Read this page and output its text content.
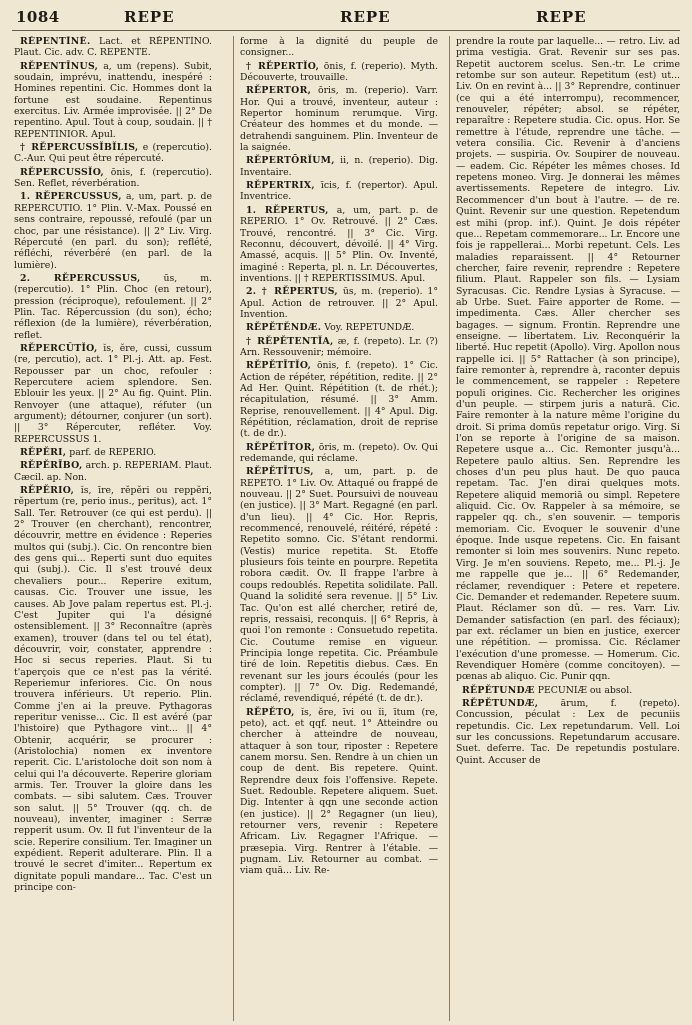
1084	REPE	REPE	REPE

RĔPENTĪNĒ. Lact. et RĔPENTĪNO. Plaut. Cic. adv. C. REPENTE.

RĔPENTĪNUS, a, um (repens). Subit, soudain, imprévu, inattendu, inespéré : Homines repentini. Cic. Hommes dont la fortune est soudaine. Repentinus exercitus. Liv. Armée improvisée. || 2° De repentino. Apul. Tout à coup, soudain. || † REPENTINIOR. Apul.

† RĔPERCUSSĬBĬLIS, e (repercutio). C.-Aur. Qui peut être répercuté.

RĔPERCUSSĬO, ōnis, f. (repercutio). Sen. Reflet, réverbération.

1. RĔPERCUSSUS, a, um, part. p. de REPERCUTIO. 1° Plin. V.-Max. Poussé en sens contraire, repoussé, refoulé (par un choc, par une résistance). || 2° Liv. Virg. Répercuté (en parl. du son); reflété, réfléchi, réverbéré (en parl. de la lumière).

2. RĔPERCUSSUS, ūs, m. (repercutio). 1° Plin. Choc (en retour), pression (réciproque), refoulement. || 2° Plin. Tac. Répercussion (du son), écho; réflexion (de la lumière), réverbération, reflet.

RĔPERCŬTĬO, ĭs, ĕre, cussi, cussum (re, percutio), act. 1° Pl.-j. Att. ap. Fest. Repousser par un choc, refouler : Repercutere aciem splendore. Sen. Eblouir les yeux. || 2° Au fig. Quint. Plin. Renvoyer (une attaque), réfuter (un argument); détourner, conjurer (un sort). || 3° Répercuter, refléter. Voy. REPERCUSSUS 1.

RĔPĔRI, parf. de REPERIO.

RĔPĔRĪBO, arch. p. REPERIAM. Plaut. Cæcil. ap. Non.

RĔPĔRIO, ĭs, īre, rĕpĕri ou reppĕri, rĕpertum (re, perio inus., peritus), act. 1° Sall. Ter. Retrouver (ce qui est perdu). || 2° Trouver (en cherchant), rencontrer, découvrir, mettre en évidence : Reperies multos qui (subj.). Cic. On rencontre bien des gens qui... Reperti sunt duo equites qui (subj.). Cic. Il s'est trouvé deux chevaliers pour... Reperire exitum, causas. Cic. Trouver une issue, les causes. Ab Jove palam repertus est. Pl.-j. C'est Jupiter qui l'a désigné ostensiblement. || 3° Reconnaître (après examen), trouver (dans tel ou tel état), découvrir, voir, constater, apprendre : Hoc si secus reperies. Plaut. Si tu t'aperçois que ce n'est pas la vérité. Reperiemur inferiores. Cic. On nous trouvera inférieurs. Ut reperio. Plin. Comme j'en ai la preuve. Pythagoras reperitur venisse... Cic. Il est avéré (par l'histoire) que Pythagore vint... || 4° Obtenir, acquérir, se procurer : (Aristolochia) nomen ex inventore reperit. Cic. L'aristoloche doit son nom à celui qui l'a découverte. Reperire gloriam armis. Ter. Trouver la gloire dans les combats. — sibi salutem. Cæs. Trouver son salut. || 5° Trouver (qq. ch. de nouveau), inventer, imaginer : Serræ repperit usum. Ov. Il fut l'inventeur de la scie. Reperire consilium. Ter. Imaginer un expédient. Reperit adulterare. Plin. Il a trouvé le secret d'imiter... Repertum ex dignitate populi mandare... Tac. C'est un principe con-

forme à la dignité du peuple de consigner...

† RĔPERTĬO, ōnis, f. (reperio). Myth. Découverte, trouvaille.

RĔPERTOR, ōris, m. (reperio). Varr. Hor. Qui a trouvé, inventeur, auteur : Repertor hominum rerumque. Virg. Créateur des hommes et du monde. — detrahendi sanguinem. Plin. Inventeur de la saignée.

RĔPERTŌRĬUM, ii, n. (reperio). Dig. Inventaire.

RĔPERTRIX, īcis, f. (repertor). Apul. Inventrice.

1. RĔPERTUS, a, um, part. p. de REPERIO. 1° Ov. Retrouvé. || 2° Cæs. Trouvé, rencontré. || 3° Cic. Virg. Reconnu, découvert, dévoilé. || 4° Virg. Amassé, acquis. || 5° Plin. Ov. Inventé, imaginé : Reperta, pl. n. Lr. Découvertes, inventions. || † REPERTISSIMUS. Apul.

2. † RĔPERTUS, ūs, m. (reperio). 1° Apul. Action de retrouver. || 2° Apul. Invention.

RĔPĔTĔNDÆ. Voy. REPETUNDÆ.

† RĔPĔTENTĬA, æ, f. (repeto). Lr. (?) Arn. Ressouvenir; mémoire.

RĔPĔTĪTĬO, ōnis, f. (repeto). 1° Cic. Action de répéter, répétition, redite. || 2° Ad Her. Quint. Répétition (t. de rhét.); récapitulation, résumé. || 3° Amm. Reprise, renouvellement. || 4° Apul. Dig. Répétition, réclamation, droit de reprise (t. de dr.).

RĔPĔTĪTOR, ōris, m. (repeto). Ov. Qui redemande, qui réclame.

RĔPĔTĪTUS, a, um, part. p. de REPETO. 1° Liv. Ov. Attaqué ou frappé de nouveau. || 2° Suet. Poursuivi de nouveau (en justice). || 3° Mart. Regagné (en parl. d'un lieu). || 4° Cic. Hor. Repris, recommencé, renouvelé, réitéré, répété : Repetito somno. Cic. S'étant rendormi. (Vestis) murice repetita. St. Etoffe plusieurs fois teinte en pourpre. Repetita robora cædit. Ov. Il frappe l'arbre à coups redoublés. Repetita solidilate. Pall. Quand la solidité sera revenue. || 5° Liv. Tac. Qu'on est allé chercher, retiré de, repris, ressaisi, reconquis. || 6° Repris, à quoi l'on remonte : Consuetudo repetita. Cic. Coutume remise en vigueur. Principia longe repetita. Cic. Préambule tiré de loin. Repetitis diebus. Cæs. En revenant sur les jours écoulés (pour les compter). || 7° Ov. Dig. Redemandé, réclamé, revendiqué, répété (t. de dr.).

RĔPĔTO, ĭs, ĕre, īvi ou ĭi, ītum (re, peto), act. et qqf. neut. 1° Atteindre ou chercher à atteindre de nouveau, attaquer à son tour, riposter : Repetere canem morsu. Sen. Rendre à un chien un coup de dent. Bis repetere. Quint. Reprendre deux fois l'offensive. Repete. Suet. Redouble. Repetere aliquem. Suet. Dig. Intenter à qqn une seconde action (en justice). || 2° Regagner (un lieu), retourner vers, revenir : Repetere Africam. Liv. Regagner l'Afrique. — præsepia. Virg. Rentrer à l'étable. — pugnam. Liv. Retourner au combat. — viam quā... Liv. Re-

prendre la route par laquelle... — retro. Liv. ad prima vestigia. Grat. Revenir sur ses pas. Repetit auctorem scelus. Sen.-tr. Le crime retombe sur son auteur. Repetitum (est) ut... Liv. On en revint à... || 3° Reprendre, continuer (ce qui a été interrompu), recommencer, renouveler, répéter; absol. se répéter, reparaître : Repetere studia. Cic. opus. Hor. Se remettre à l'étude, reprendre une tâche. — vetera consilia. Cic. Revenir à d'anciens projets. — suspiria. Ov. Soupirer de nouveau. — eadem. Cic. Répéter les mêmes choses. Id repetens moneo. Virg. Je donnerai les mêmes avertissements. Repetere de integro. Liv. Recommencer d'un bout à l'autre. — de re. Quint. Revenir sur une question. Repetendum est mihi (prop. inf.). Quint. Je dois répéter que... Repetam commemorare... Lr. Encore une fois je rappellerai... Morbi repetunt. Cels. Les maladies reparaissent. || 4° Retourner chercher, faire revenir, reprendre : Repetere filium. Plaut. Rappeler son fils. — Lysiam Syracusas. Cic. Rendre Lysias à Syracuse. — ab Urbe. Suet. Faire apporter de Rome. — impedimenta. Cæs. Aller chercher ses bagages. — signum. Frontin. Reprendre une enseigne. — libertatem. Liv. Reconquérir la liberté. Huc repetit (Apollo). Virg. Apollon nous rappelle ici. || 5° Rattacher (à son principe), faire remonter à, reprendre à, raconter depuis le commencement, se rappeler : Repetere populi origines. Cic. Rechercher les origines d'un peuple. — stirpem juris a naturā. Cic. Faire remonter à la nature même l'origine du droit. Si prima domūs repetatur origo. Virg. Si l'on se reporte à l'origine de sa maison. Repetere usque a... Cic. Remonter jusqu'à... Repetere paulo altius. Sen. Reprendre les choses d'un peu plus haut. De quo pauca repetam. Tac. J'en dirai quelques mots. Repetere aliquid memoriā ou simpl. Repetere aliquid. Cic. Ov. Rappeler à sa mémoire, se rappeler qq. ch., s'en souvenir. — temporis memoriam. Cic. Evoquer le souvenir d'une époque. Inde usque repetens. Cic. En faisant remonter si loin mes souvenirs. Nunc repeto. Virg. Je m'en souviens. Repeto, me... Pl.-j. Je me rappelle que je... || 6° Redemander, réclamer, revendiquer : Petere et repetere. Cic. Demander et redemander. Repetere suum. Plaut. Réclamer son dû. — res. Varr. Liv. Demander satisfaction (en parl. des féciaux); par ext. réclamer un bien en justice, exercer une répétition. — promissa. Cic. Réclamer l'exécution d'une promesse. — Homerum. Cic. Revendiquer Homère (comme concitoyen). — pœnas ab aliquo. Cic. Punir qqn.

RĔPĔTUNDÆ PECUNIÆ ou absol.

RĔPĔTUNDÆ, ārum, f. (repeto). Concussion, péculat : Lex de pecuniis repetundis. Cic. Lex repetundarum. Vell. Loi sur les concussions. Repetundarum accusare. Suet. deferre. Tac. De repetundis postulare. Quint. Accuser de
